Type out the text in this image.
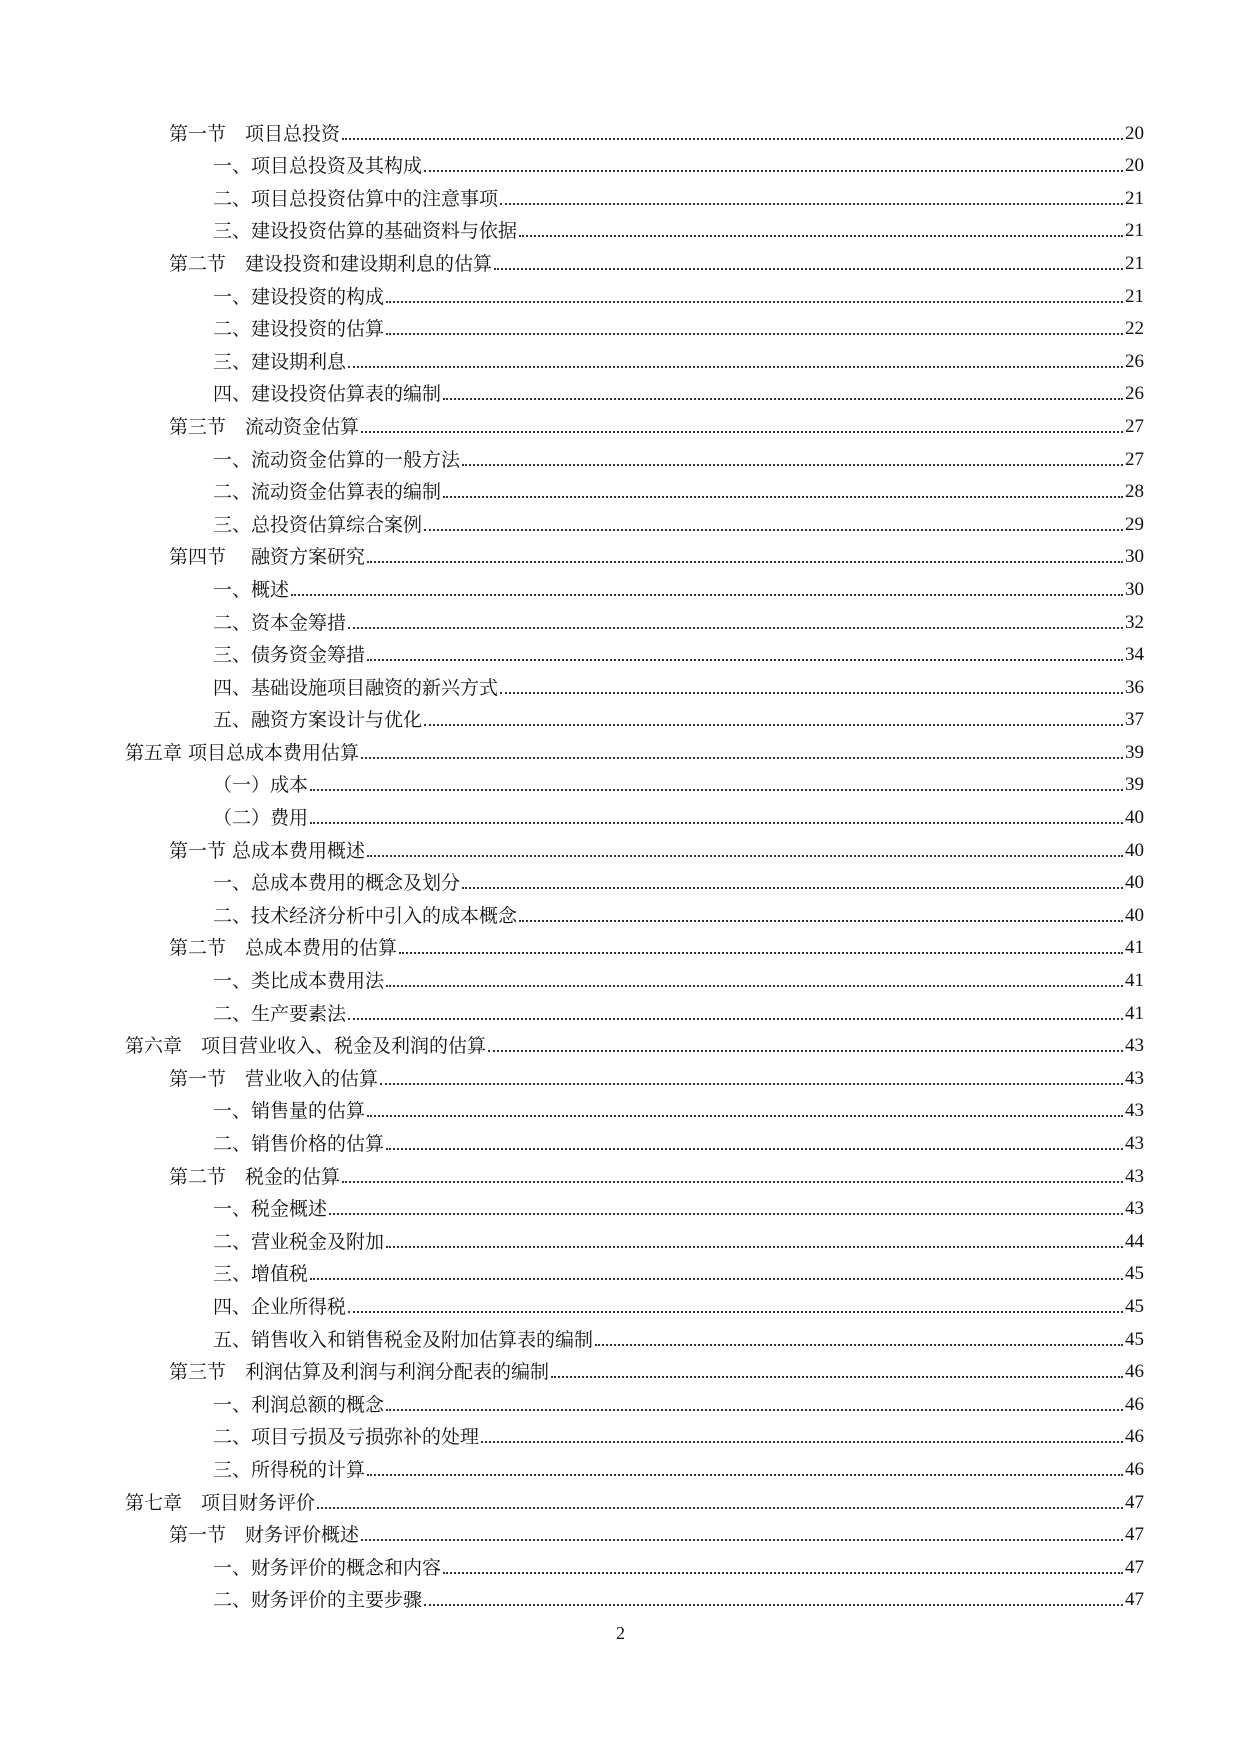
第一节　项目总投资	20
一、项目总投资及其构成	20
二、项目总投资估算中的注意事项	21
三、建设投资估算的基础资料与依据	21
第二节　建设投资和建设期利息的估算	21
一、建设投资的构成	21
二、建设投资的估算	22
三、建设期利息	26
四、建设投资估算表的编制	26
第三节　流动资金估算	27
一、流动资金估算的一般方法	27
二、流动资金估算表的编制	28
三、总投资估算综合案例	29
第四节　 融资方案研究	30
一、概述	30
二、资本金筹措	32
三、债务资金筹措	34
四、基础设施项目融资的新兴方式	36
五、融资方案设计与优化	37
第五章 项目总成本费用估算	39
（一）成本	39
（二）费用	40
第一节 总成本费用概述	40
一、总成本费用的概念及划分	40
二、技术经济分析中引入的成本概念	40
第二节　总成本费用的估算	41
一、类比成本费用法	41
二、生产要素法	41
第六章　项目营业收入、税金及利润的估算	43
第一节　营业收入的估算	43
一、销售量的估算	43
二、销售价格的估算	43
第二节　税金的估算	43
一、税金概述	43
二、营业税金及附加	44
三、增值税	45
四、企业所得税	45
五、销售收入和销售税金及附加估算表的编制	45
第三节　利润估算及利润与利润分配表的编制	46
一、利润总额的概念	46
二、项目亏损及亏损弥补的处理	46
三、所得税的计算	46
第七章　项目财务评价	47
第一节　财务评价概述	47
一、财务评价的概念和内容	47
二、财务评价的主要步骤	47
2
